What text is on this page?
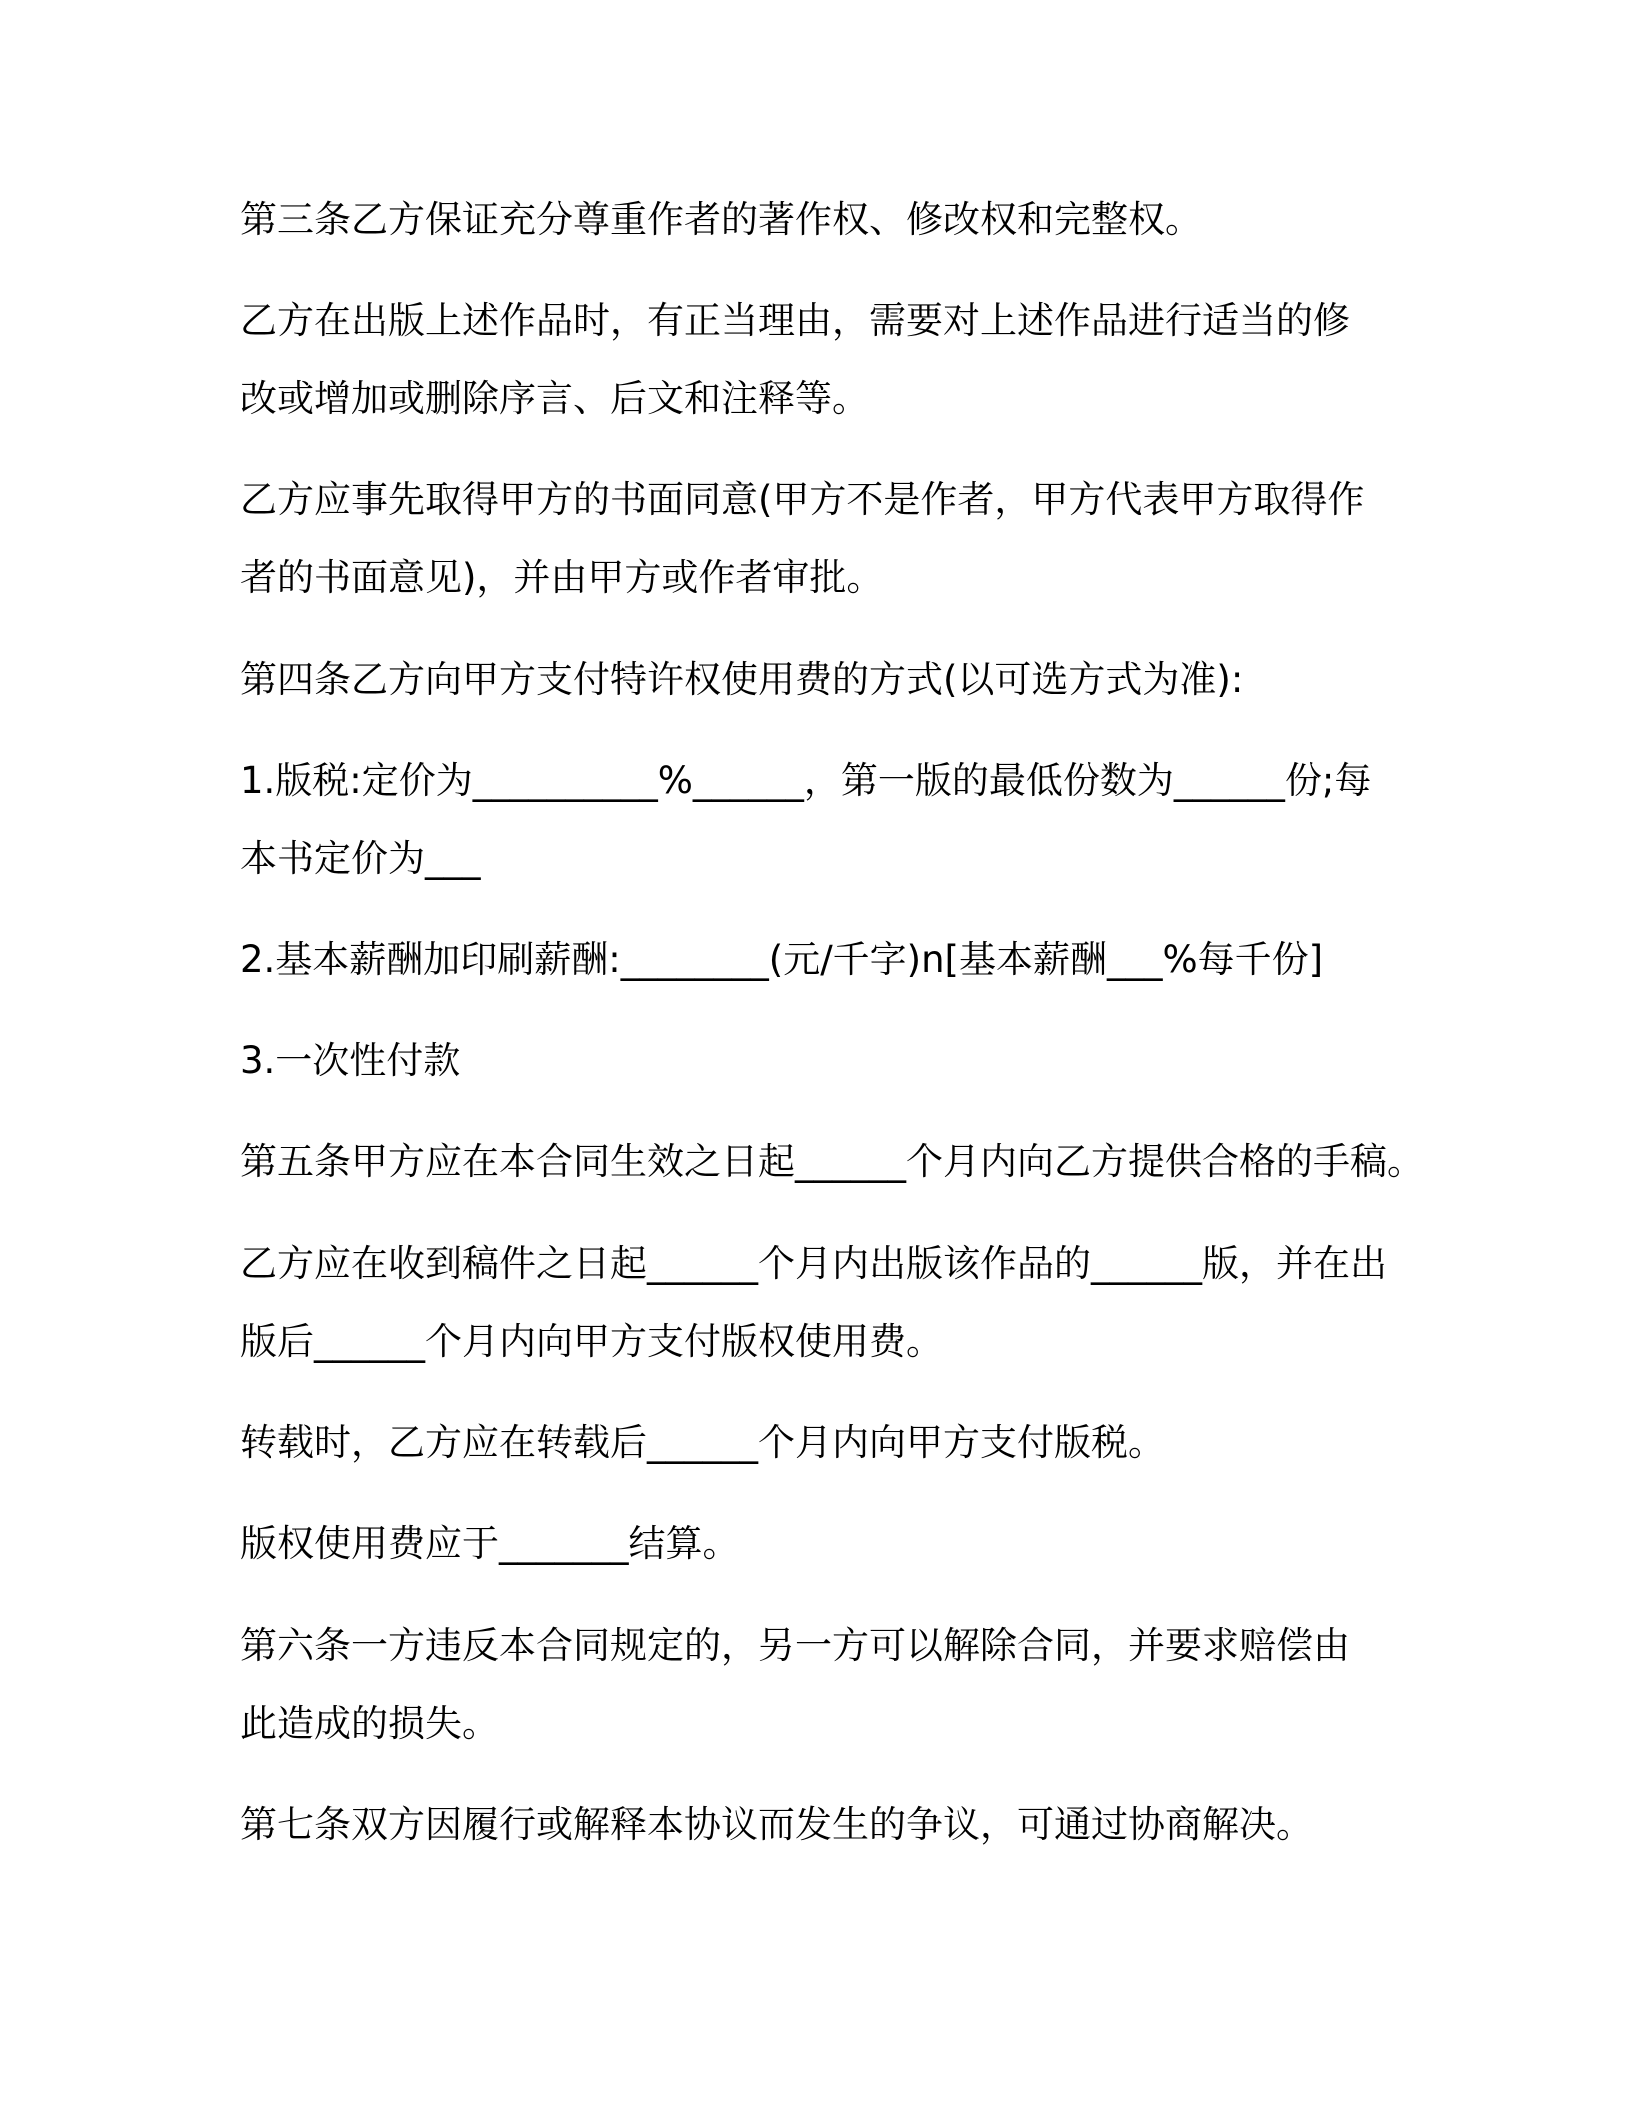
第三条乙方保证充分尊重作者的著作权、修改权和完整权。
乙方在出版上述作品时，有正当理由，需要对上述作品进行适当的修
改或增加或删除序言、后文和注释等。
乙方应事先取得甲方的书面同意(甲方不是作者，甲方代表甲方取得作
者的书面意见)，并由甲方或作者审批。
第四条乙方向甲方支付特许权使用费的方式(以可选方式为准):
1.版税:定价为__________%______，第一版的最低份数为______份;每
本书定价为___
2.基本薪酬加印刷薪酬:________(元/千字)n[基本薪酬___%每千份]
3.一次性付款
第五条甲方应在本合同生效之日起______个月内向乙方提供合格的手稿。
乙方应在收到稿件之日起______个月内出版该作品的______版，并在出
版后______个月内向甲方支付版权使用费。
转载时，乙方应在转载后______个月内向甲方支付版税。
版权使用费应于_______结算。
第六条一方违反本合同规定的，另一方可以解除合同，并要求赔偿由
此造成的损失。
第七条双方因履行或解释本协议而发生的争议，可通过协商解决。
